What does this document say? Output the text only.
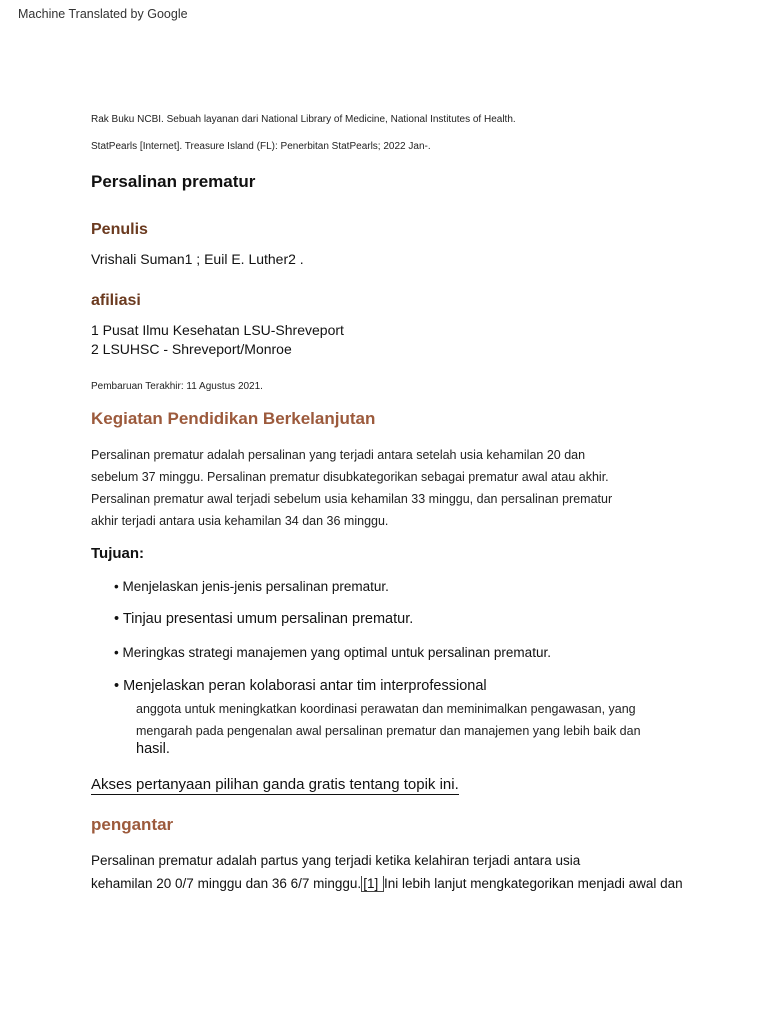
Machine Translated by Google
Rak Buku NCBI. Sebuah layanan dari National Library of Medicine, National Institutes of Health.
StatPearls [Internet]. Treasure Island (FL): Penerbitan StatPearls; 2022 Jan-.
Persalinan prematur
Penulis
Vrishali Suman1 ; Euil E. Luther2 .
afiliasi
1 Pusat Ilmu Kesehatan LSU-Shreveport
2 LSUHSC - Shreveport/Monroe
Pembaruan Terakhir: 11 Agustus 2021.
Kegiatan Pendidikan Berkelanjutan
Persalinan prematur adalah persalinan yang terjadi antara setelah usia kehamilan 20 dan
sebelum 37 minggu. Persalinan prematur disubkategorikan sebagai prematur awal atau akhir.
Persalinan prematur awal terjadi sebelum usia kehamilan 33 minggu, dan persalinan prematur
akhir terjadi antara usia kehamilan 34 dan 36 minggu.
Tujuan:
• Menjelaskan jenis-jenis persalinan prematur.
• Tinjau presentasi umum persalinan prematur.
• Meringkas strategi manajemen yang optimal untuk persalinan prematur.
• Menjelaskan peran kolaborasi antar tim interprofessional
anggota untuk meningkatkan koordinasi perawatan dan meminimalkan pengawasan, yang
mengarah pada pengenalan awal persalinan prematur dan manajemen yang lebih baik dan
hasil.
Akses pertanyaan pilihan ganda gratis tentang topik ini.
pengantar
Persalinan prematur adalah partus yang terjadi ketika kelahiran terjadi antara usia
kehamilan 20 0/7 minggu dan 36 6/7 minggu. [1] Ini lebih lanjut mengkategorikan menjadi awal dan
